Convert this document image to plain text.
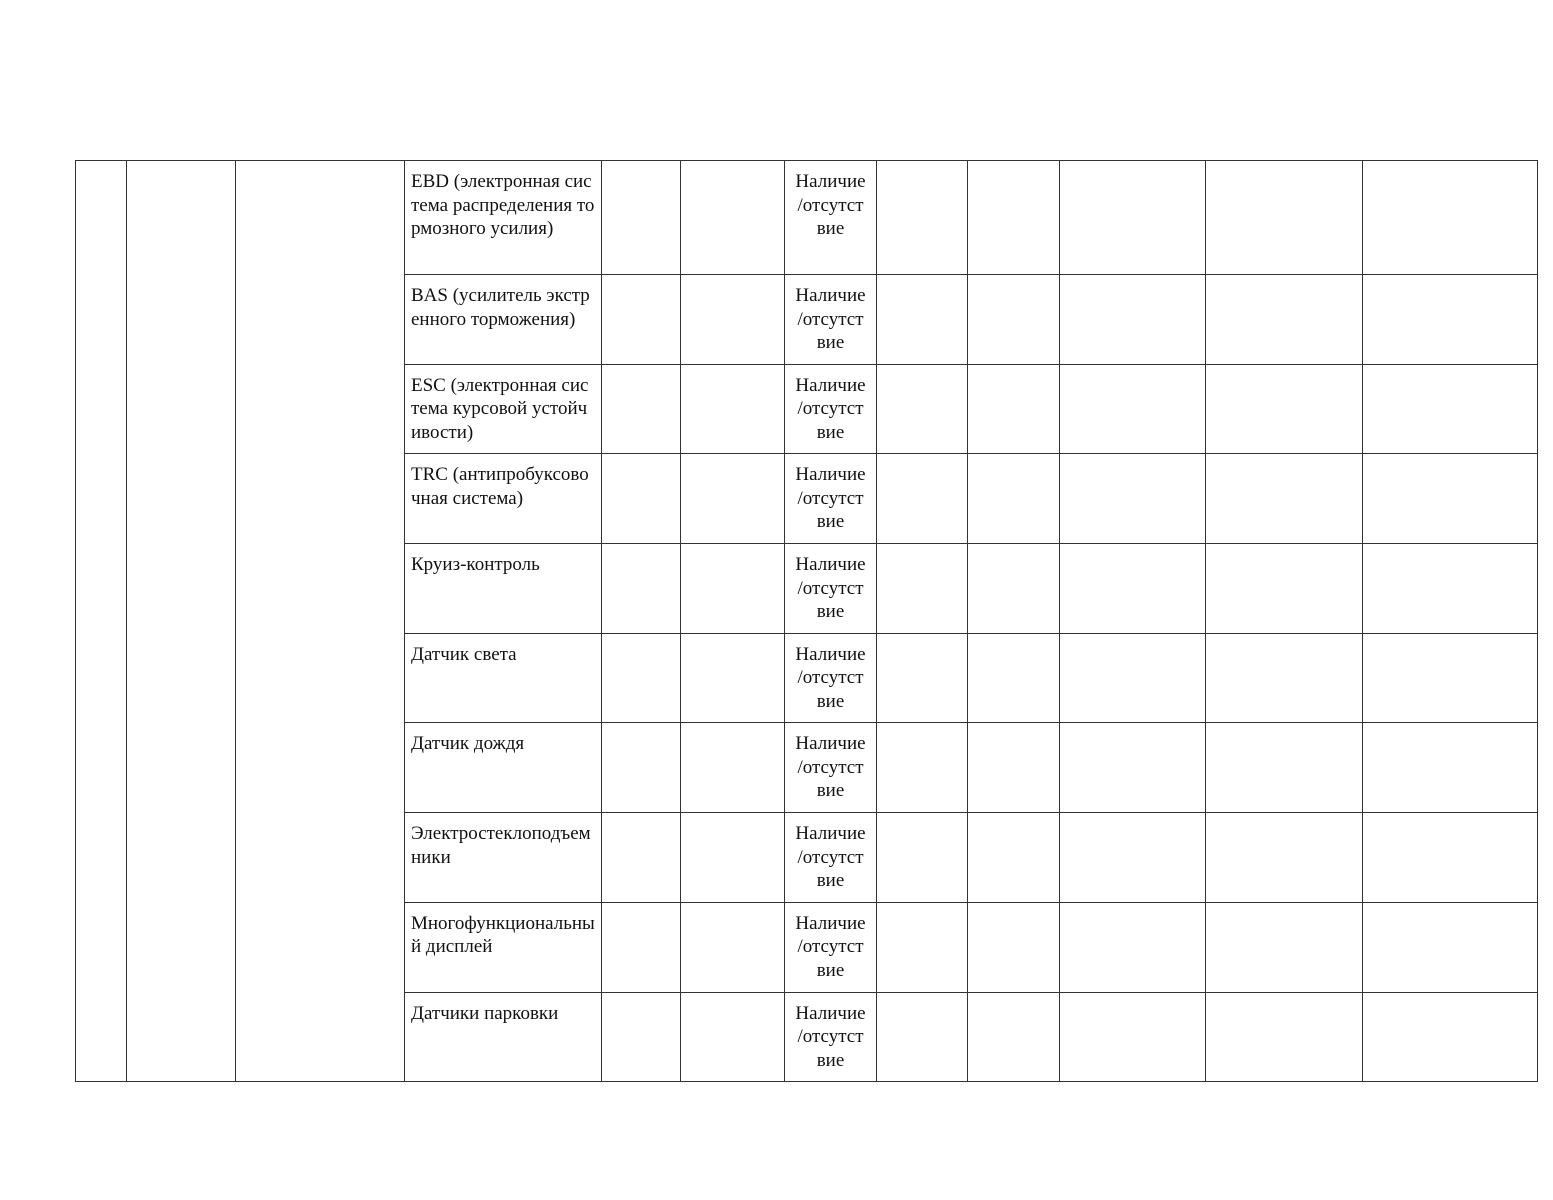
			EBD (электронная система распределения тормозного усилия)			Наличие
/отсутст
вие					

			BAS (усилитель экстренного торможения)			Наличие
/отсутст
вие					

			ESC (электронная система курсовой устойчивости)			Наличие
/отсутст
вие					

			TRC (антипробуксовочная система)			Наличие
/отсутст
вие					

			Круиз-контроль			Наличие
/отсутст
вие					

			Датчик света			Наличие
/отсутст
вие					

			Датчик дождя			Наличие
/отсутст
вие					

			Электростеклоподъемники			Наличие
/отсутст
вие					

			Многофункциональный дисплей			Наличие
/отсутст
вие					

			Датчики парковки			Наличие
/отсутст
вие					
